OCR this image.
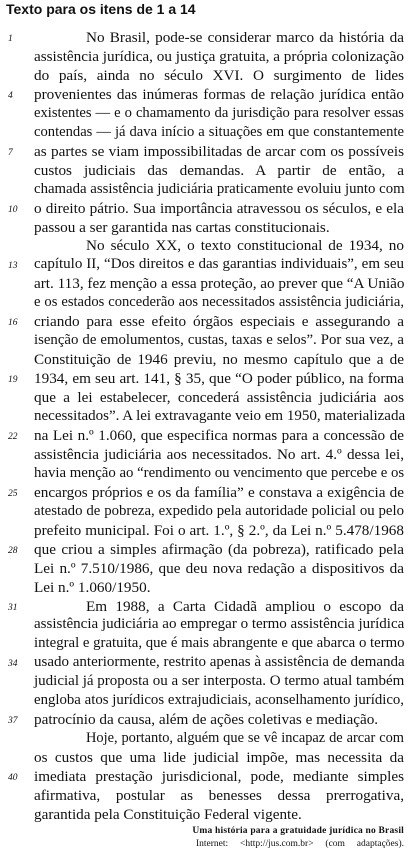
Texto para os itens de 1 a 14
No Brasil, pode-se considerar marco da história da
1
assistência jurídica, ou justiça gratuita, a própria colonização
do país, ainda no século XVI. O surgimento de lides
provenientes das inúmeras formas de relação jurídica então
4
existentes — e o chamamento da jurisdição para resolver essas
contendas — já dava início a situações em que constantemente
as partes se viam impossibilitadas de arcar com os possíveis
7
custos judiciais das demandas. A partir de então, a
chamada assistência judiciária praticamente evoluiu junto com
o direito pátrio. Sua importância atravessou os séculos, e ela
10
passou a ser garantida nas cartas constitucionais.
No século XX, o texto constitucional de 1934, no
capítulo II, “Dos direitos e das garantias individuais”, em seu
13
art. 113, fez menção a essa proteção, ao prever que “A União
e os estados concederão aos necessitados assistência judiciária,
criando para esse efeito órgãos especiais e assegurando a
16
isenção de emolumentos, custas, taxas e selos”. Por sua vez, a
Constituição de 1946 previu, no mesmo capítulo que a de
1934, em seu art. 141, § 35, que “O poder público, na forma
19
que a lei estabelecer, concederá assistência judiciária aos
necessitados”. A lei extravagante veio em 1950, materializada
na Lei n.º 1.060, que especifica normas para a concessão de
22
assistência judiciária aos necessitados. No art. 4.º dessa lei,
havia menção ao “rendimento ou vencimento que percebe e os
encargos próprios e os da família” e constava a exigência de
25
atestado de pobreza, expedido pela autoridade policial ou pelo
prefeito municipal. Foi o art. 1.º, § 2.º, da Lei n.º 5.478/1968
que criou a simples afirmação (da pobreza), ratificado pela
28
Lei n.º 7.510/1986, que deu nova redação a dispositivos da
Lei n.º 1.060/1950.
Em 1988, a Carta Cidadã ampliou o escopo da
31
assistência judiciária ao empregar o termo assistência jurídica
integral e gratuita, que é mais abrangente e que abarca o termo
usado anteriormente, restrito apenas à assistência de demanda
34
judicial já proposta ou a ser interposta. O termo atual também
engloba atos jurídicos extrajudiciais, aconselhamento jurídico,
patrocínio da causa, além de ações coletivas e mediação.
37
Hoje, portanto, alguém que se vê incapaz de arcar com
os custos que uma lide judicial impõe, mas necessita da
imediata prestação jurisdicional, pode, mediante simples
40
afirmativa, postular as benesses dessa prerrogativa,
garantida pela Constituição Federal vigente.
Uma história para a gratuidade jurídica no Brasil
Internet: <http://jus.com.br> (com adaptações).
